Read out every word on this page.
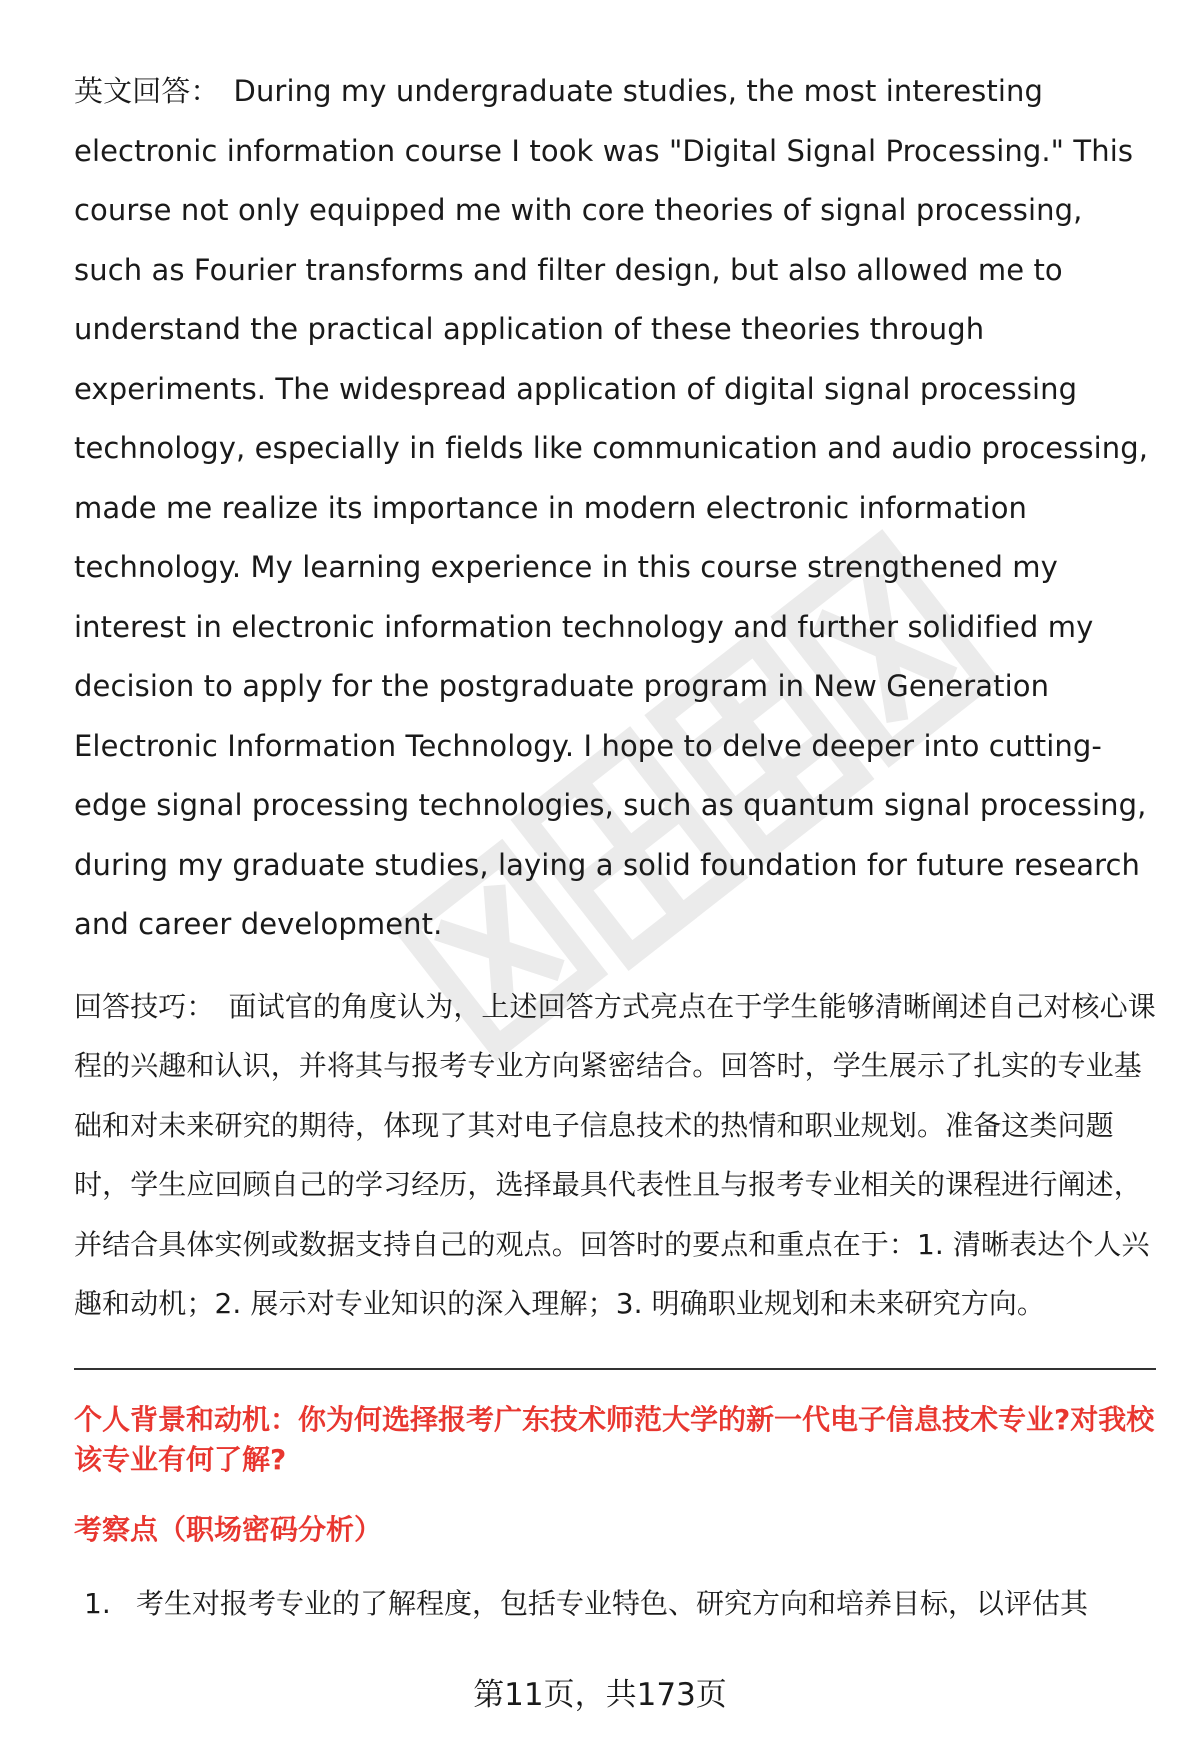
英文回答： During my undergraduate studies, the most interesting electronic information course I took was "Digital Signal Processing." This course not only equipped me with core theories of signal processing, such as Fourier transforms and filter design, but also allowed me to understand the practical application of these theories through experiments. The widespread application of digital signal processing technology, especially in fields like communication and audio processing, made me realize its importance in modern electronic information technology. My learning experience in this course strengthened my interest in electronic information technology and further solidified my decision to apply for the postgraduate program in New Generation Electronic Information Technology. I hope to delve deeper into cutting-edge signal processing technologies, such as quantum signal processing, during my graduate studies, laying a solid foundation for future research and career development.

回答技巧： 面试官的角度认为，上述回答方式亮点在于学生能够清晰阐述自己对核心课程的兴趣和认识，并将其与报考专业方向紧密结合。回答时，学生展示了扎实的专业基础和对未来研究的期待，体现了其对电子信息技术的热情和职业规划。准备这类问题时，学生应回顾自己的学习经历，选择最具代表性且与报考专业相关的课程进行阐述，并结合具体实例或数据支持自己的观点。回答时的要点和重点在于：1. 清晰表达个人兴趣和动机；2. 展示对专业知识的深入理解；3. 明确职业规划和未来研究方向。

个人背景和动机：你为何选择报考广东技术师范大学的新一代电子信息技术专业?对我校该专业有何了解?
考察点（职场密码分析）
1. 考生对报考专业的了解程度，包括专业特色、研究方向和培养目标，以评估其
第11页，共173页
